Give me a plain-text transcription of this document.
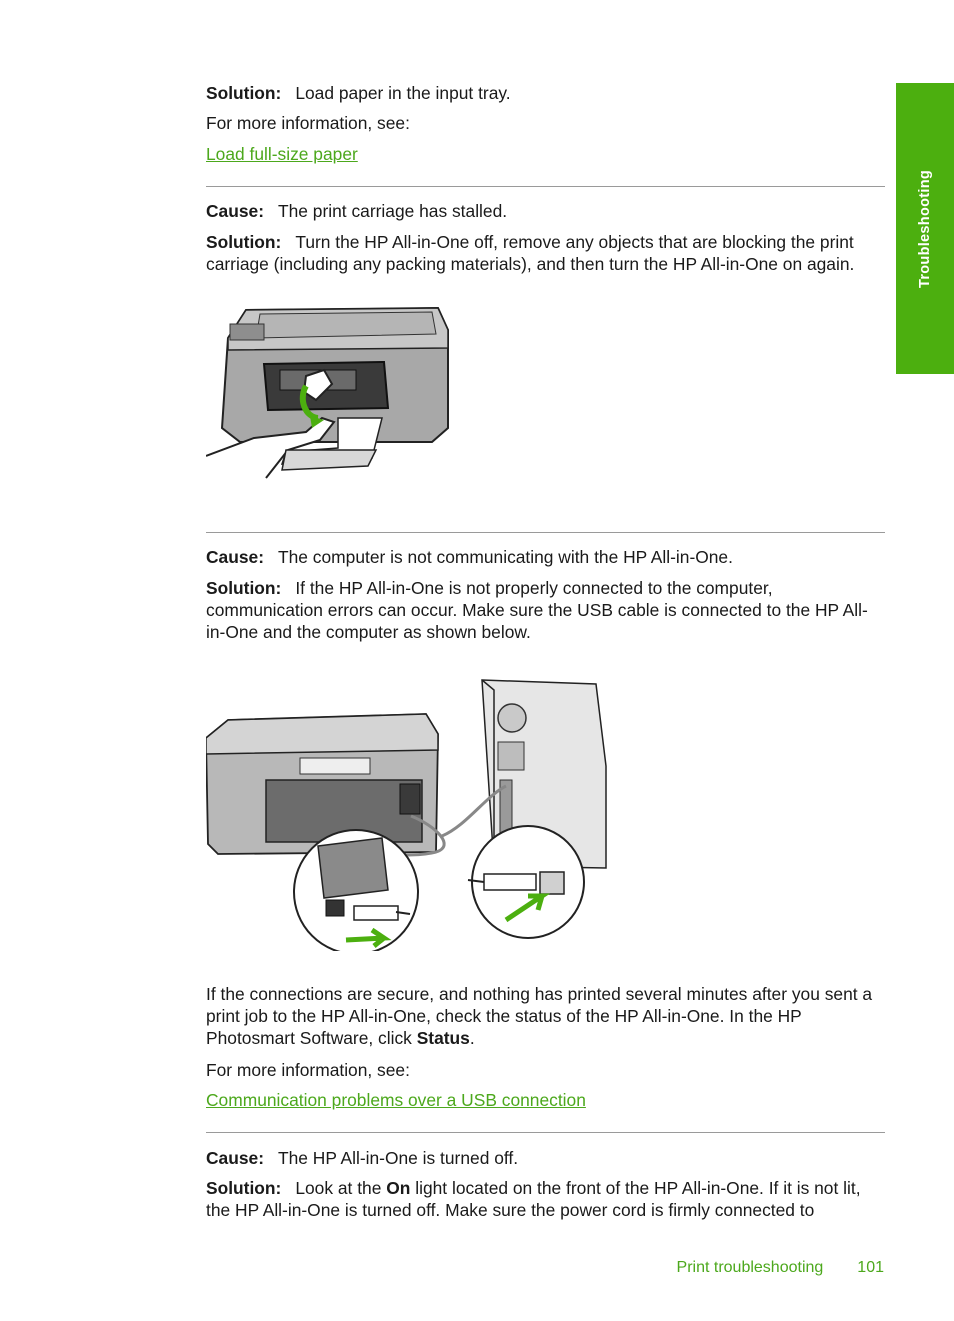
Troubleshooting

Solution: Load paper in the input tray.

For more information, see:
Load full-size paper

Cause: The print carriage has stalled.

Solution: Turn the HP All-in-One off, remove any objects that are blocking the print carriage (including any packing materials), and then turn the HP All-in-One on again.

Cause: The computer is not communicating with the HP All-in-One.

Solution: If the HP All-in-One is not properly connected to the computer, communication errors can occur. Make sure the USB cable is connected to the HP All-in-One and the computer as shown below.

If the connections are secure, and nothing has printed several minutes after you sent a print job to the HP All-in-One, check the status of the HP All-in-One. In the HP Photosmart Software, click Status.

For more information, see:
Communication problems over a USB connection

Cause: The HP All-in-One is turned off.

Solution: Look at the On light located on the front of the HP All-in-One. If it is not lit, the HP All-in-One is turned off. Make sure the power cord is firmly connected to

Print troubleshooting 101
